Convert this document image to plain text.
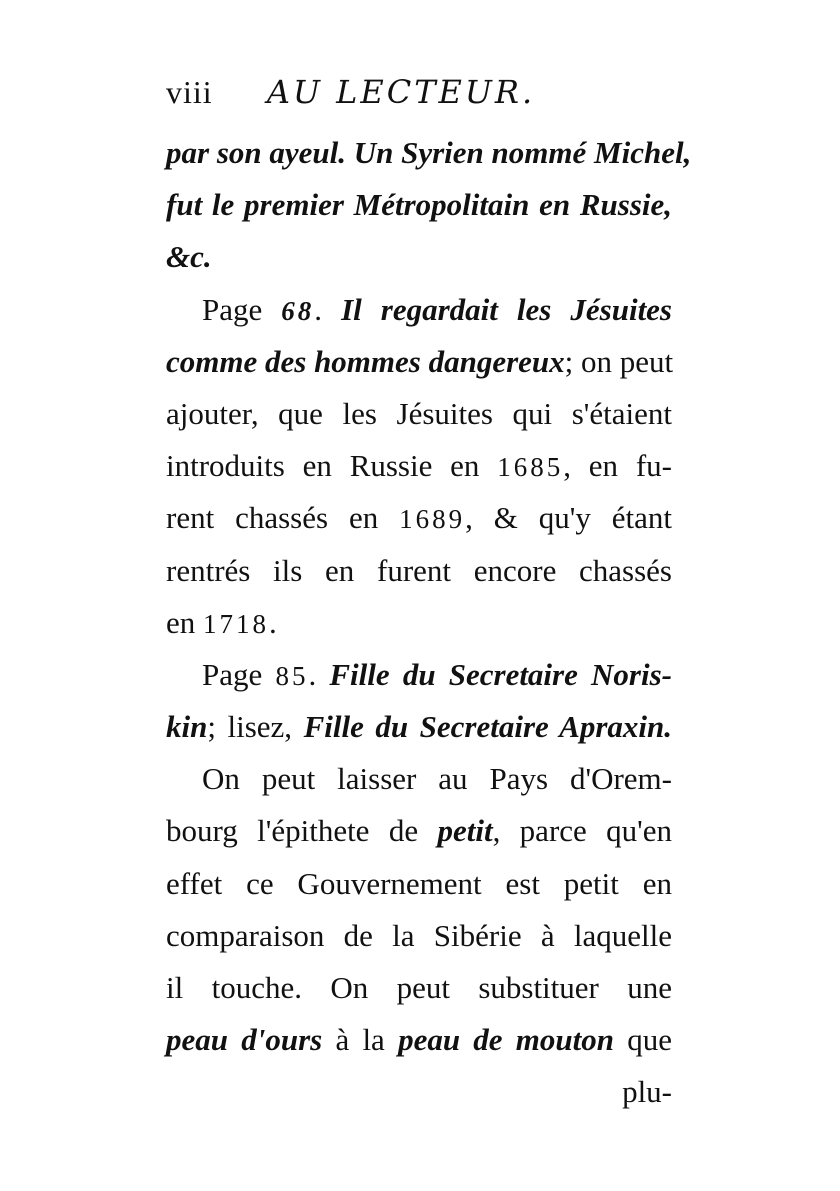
viii AU LECTEUR.
par son ayeul. Un Syrien nommé Michel,
fut le premier Métropolitain en Russie,
&c.
Page 68. Il regardait les Jésuites
comme des hommes dangereux; on peut
ajouter, que les Jésuites qui s'étaient
introduits en Russie en 1685, en fu-
rent chassés en 1689, & qu'y étant
rentrés ils en furent encore chassés
en 1718.
Page 85. Fille du Secretaire Noris-
kin; lisez, Fille du Secretaire Apraxin.
On peut laisser au Pays d'Orem-
bourg l'épithete de petit, parce qu'en
effet ce Gouvernement est petit en
comparaison de la Sibérie à laquelle
il touche. On peut substituer une
peau d'ours à la peau de mouton que
plu-
